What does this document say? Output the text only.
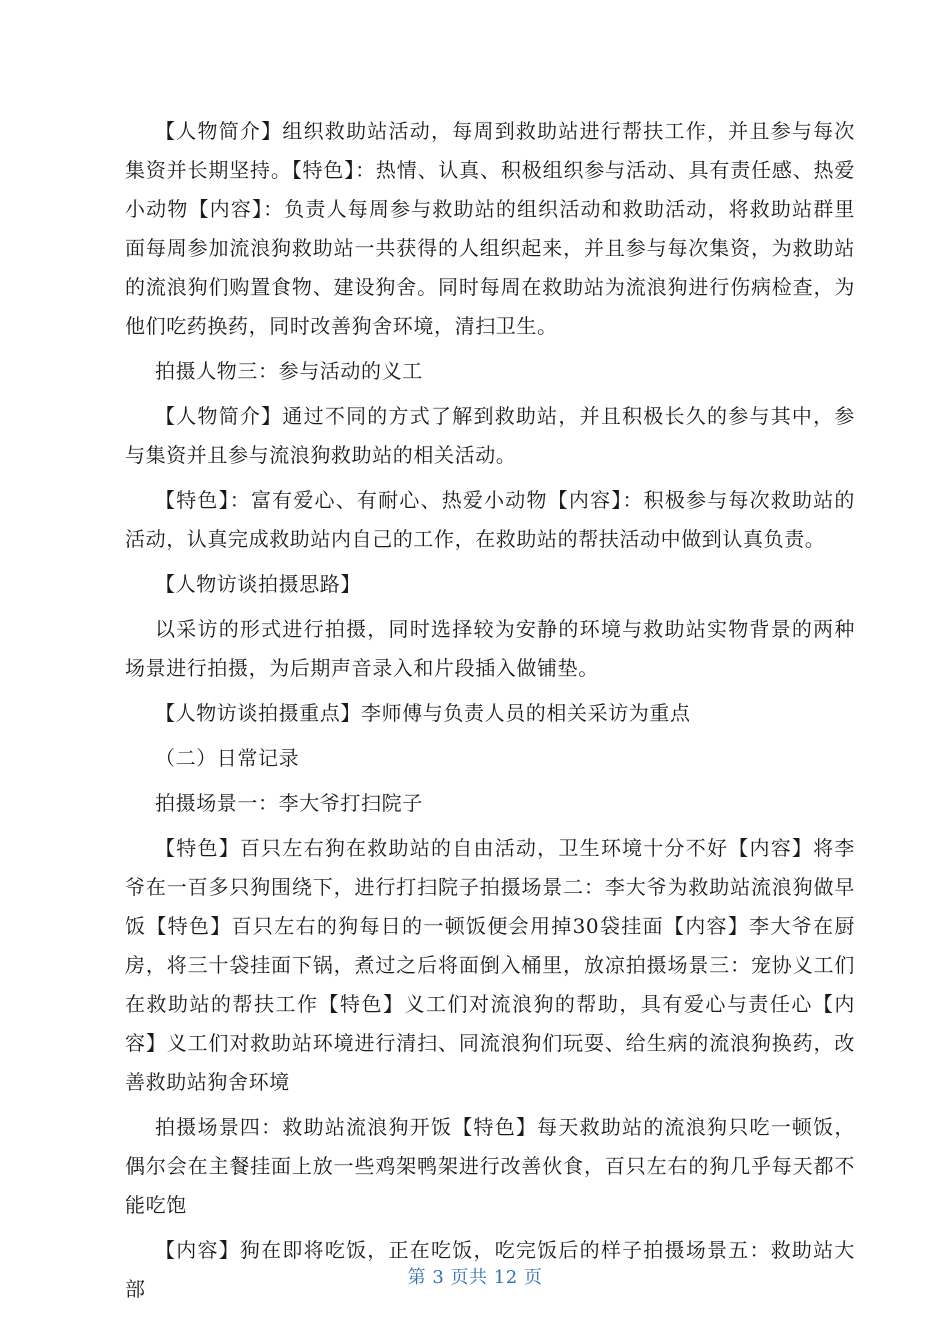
【人物简介】组织救助站活动，每周到救助站进行帮扶工作，并且参与每次集资并长期坚持。【特色】：热情、认真、积极组织参与活动、具有责任感、热爱小动物【内容】：负责人每周参与救助站的组织活动和救助活动，将救助站群里面每周参加流浪狗救助站一共获得的人组织起来，并且参与每次集资，为救助站的流浪狗们购置食物、建设狗舍。同时每周在救助站为流浪狗进行伤病检查，为他们吃药换药，同时改善狗舍环境，清扫卫生。

拍摄人物三：参与活动的义工

【人物简介】通过不同的方式了解到救助站，并且积极长久的参与其中，参与集资并且参与流浪狗救助站的相关活动。

【特色】：富有爱心、有耐心、热爱小动物【内容】：积极参与每次救助站的活动，认真完成救助站内自己的工作，在救助站的帮扶活动中做到认真负责。

【人物访谈拍摄思路】

以采访的形式进行拍摄，同时选择较为安静的环境与救助站实物背景的两种场景进行拍摄，为后期声音录入和片段插入做铺垫。

【人物访谈拍摄重点】李师傅与负责人员的相关采访为重点

（二）日常记录

拍摄场景一：李大爷打扫院子

【特色】百只左右狗在救助站的自由活动，卫生环境十分不好【内容】将李爷在一百多只狗围绕下，进行打扫院子拍摄场景二：李大爷为救助站流浪狗做早饭【特色】百只左右的狗每日的一顿饭便会用掉30袋挂面【内容】李大爷在厨房，将三十袋挂面下锅，煮过之后将面倒入桶里，放凉拍摄场景三：宠协义工们在救助站的帮扶工作【特色】义工们对流浪狗的帮助，具有爱心与责任心【内容】义工们对救助站环境进行清扫、同流浪狗们玩耍、给生病的流浪狗换药，改善救助站狗舍环境

拍摄场景四：救助站流浪狗开饭【特色】每天救助站的流浪狗只吃一顿饭，偶尔会在主餐挂面上放一些鸡架鸭架进行改善伙食，百只左右的狗几乎每天都不能吃饱

【内容】狗在即将吃饭，正在吃饭，吃完饭后的样子拍摄场景五：救助站大部	第 3 页共 12 页
